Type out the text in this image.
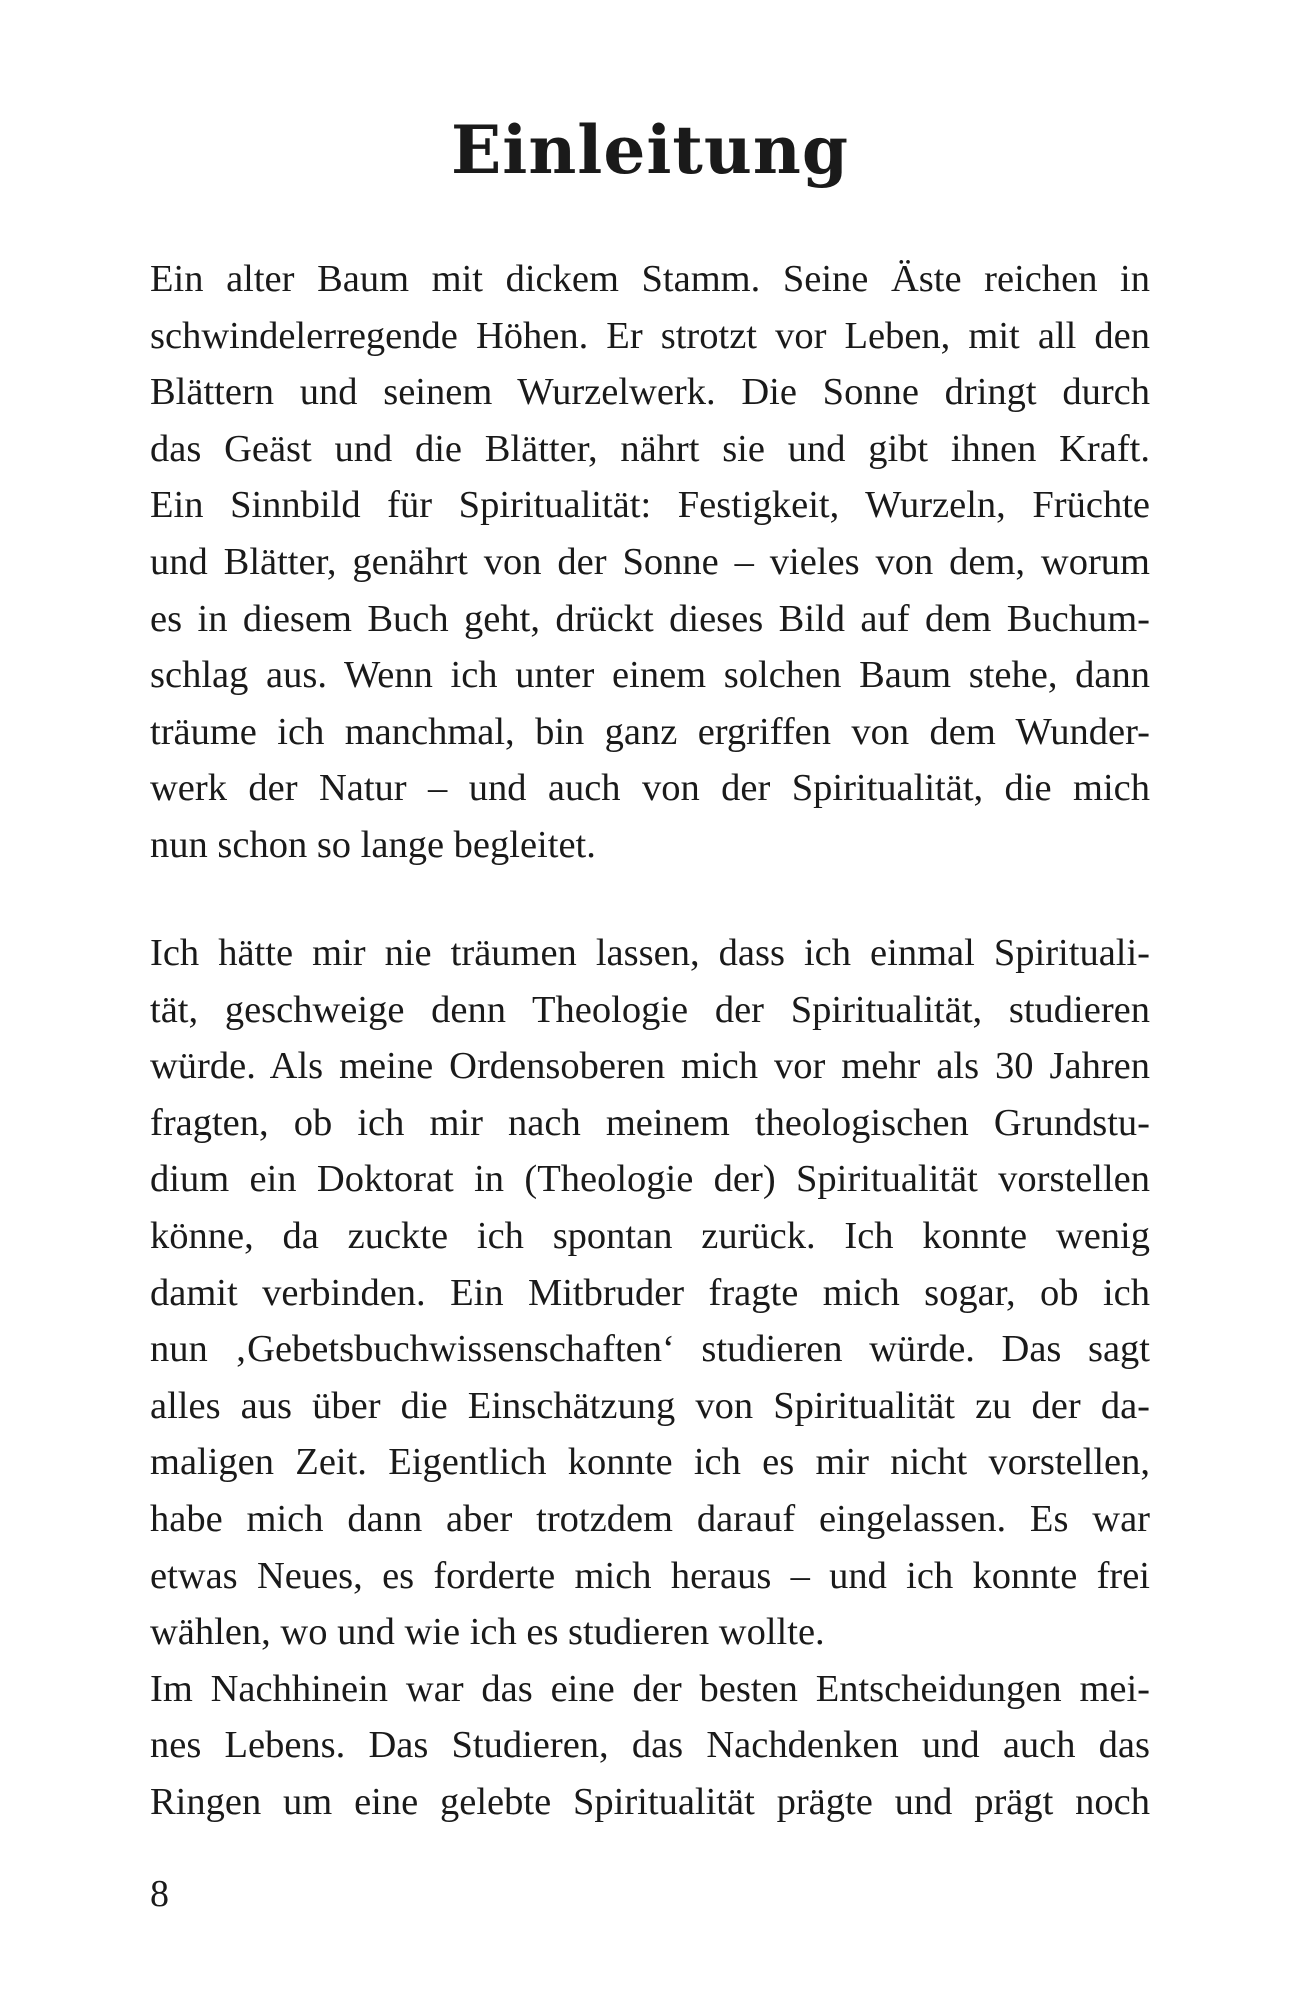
Einleitung
Ein alter Baum mit dickem Stamm. Seine Äste reichen in
schwindelerregende Höhen. Er strotzt vor Leben, mit all den
Blättern und seinem Wurzelwerk. Die Sonne dringt durch
das Geäst und die Blätter, nährt sie und gibt ihnen Kraft.
Ein Sinnbild für Spiritualität: Festigkeit, Wurzeln, Früchte
und Blätter, genährt von der Sonne – vieles von dem, worum
es in diesem Buch geht, drückt dieses Bild auf dem Buchum-
schlag aus. Wenn ich unter einem solchen Baum stehe, dann
träume ich manchmal, bin ganz ergriffen von dem Wunder-
werk der Natur – und auch von der Spiritualität, die mich
nun schon so lange begleitet.
Ich hätte mir nie träumen lassen, dass ich einmal Spirituali-
tät, geschweige denn Theologie der Spiritualität, studieren
würde. Als meine Ordensoberen mich vor mehr als 30 Jahren
fragten, ob ich mir nach meinem theologischen Grundstu-
dium ein Doktorat in (Theologie der) Spiritualität vorstellen
könne, da zuckte ich spontan zurück. Ich konnte wenig
damit verbinden. Ein Mitbruder fragte mich sogar, ob ich
nun ‚Gebetsbuchwissenschaften‘ studieren würde. Das sagt
alles aus über die Einschätzung von Spiritualität zu der da-
maligen Zeit. Eigentlich konnte ich es mir nicht vorstellen,
habe mich dann aber trotzdem darauf eingelassen. Es war
etwas Neues, es forderte mich heraus – und ich konnte frei
wählen, wo und wie ich es studieren wollte.
Im Nachhinein war das eine der besten Entscheidungen mei-
nes Lebens. Das Studieren, das Nachdenken und auch das
Ringen um eine gelebte Spiritualität prägte und prägt noch
8
